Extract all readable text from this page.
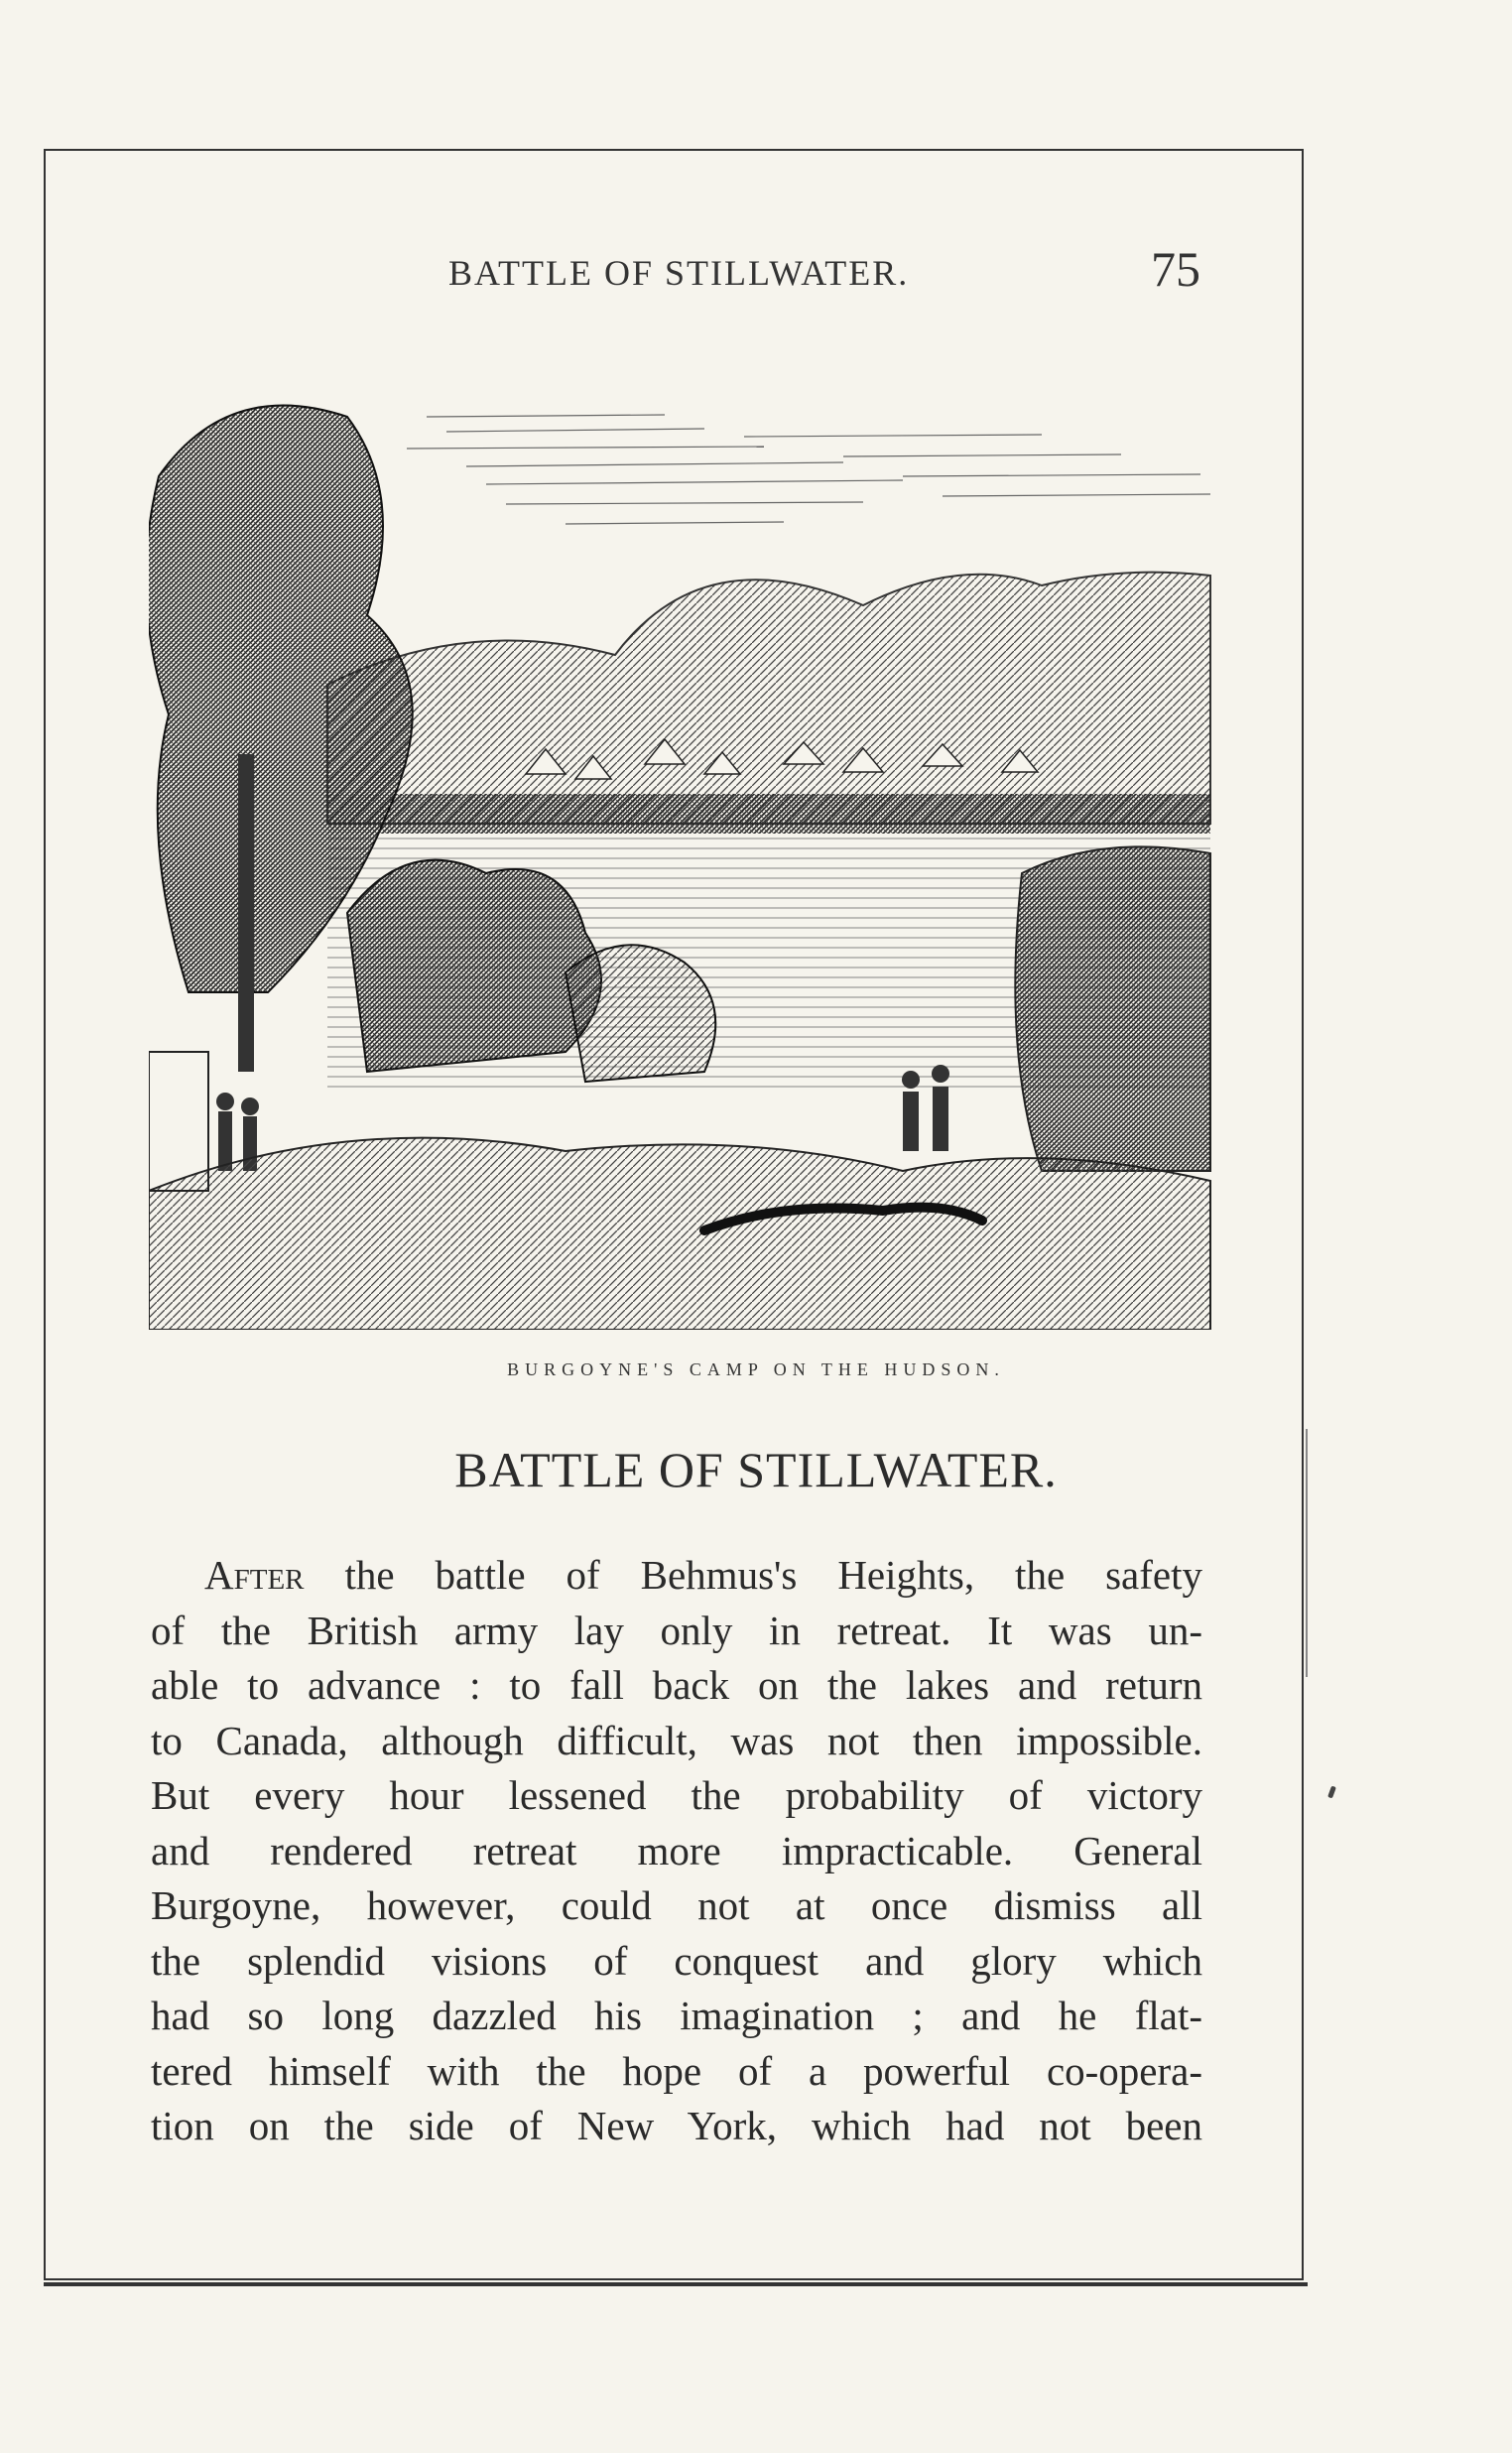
BATTLE OF STILLWATER.	75
BURGOYNE'S CAMP ON THE HUDSON.
BATTLE OF STILLWATER.
After the battle of Behmus's Heights, the safety
of the British army lay only in retreat. It was un-
able to advance : to fall back on the lakes and return
to Canada, although difficult, was not then impossible.
But every hour lessened the probability of victory
and rendered retreat more impracticable. General
Burgoyne, however, could not at once dismiss all
the splendid visions of conquest and glory which
had so long dazzled his imagination ; and he flat-
tered himself with the hope of a powerful co-opera-
tion on the side of New York, which had not been
